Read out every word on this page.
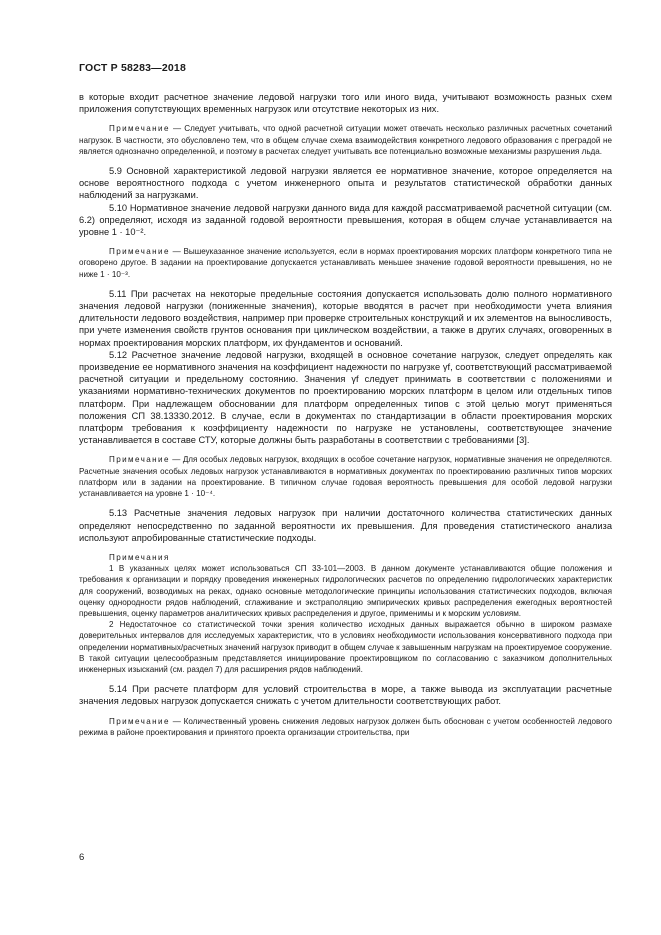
ГОСТ Р 58283—2018

в которые входит расчетное значение ледовой нагрузки того или иного вида, учитывают возможность разных схем приложения сопутствующих временных нагрузок или отсутствие некоторых из них.

Примечание — Следует учитывать, что одной расчетной ситуации может отвечать несколько различных расчетных сочетаний нагрузок. В частности, это обусловлено тем, что в общем случае схема взаимодействия конкретного ледового образования с преградой не является однозначно определенной, и поэтому в расчетах следует учитывать все потенциально возможные механизмы разрушения льда.

5.9 Основной характеристикой ледовой нагрузки является ее нормативное значение, которое определяется на основе вероятностного подхода с учетом инженерного опыта и результатов статистической обработки данных наблюдений за нагрузками.

5.10 Нормативное значение ледовой нагрузки данного вида для каждой рассматриваемой расчетной ситуации (см. 6.2) определяют, исходя из заданной годовой вероятности превышения, которая в общем случае устанавливается на уровне 1 · 10⁻².

Примечание — Вышеуказанное значение используется, если в нормах проектирования морских платформ конкретного типа не оговорено другое. В задании на проектирование допускается устанавливать меньшее значение годовой вероятности превышения, но не ниже 1 · 10⁻³.

5.11 При расчетах на некоторые предельные состояния допускается использовать долю полного нормативного значения ледовой нагрузки (пониженные значения), которые вводятся в расчет при необходимости учета влияния длительности ледового воздействия, например при проверке строительных конструкций и их элементов на выносливость, при учете изменения свойств грунтов основания при циклическом воздействии, а также в других случаях, оговоренных в нормах проектирования морских платформ, их фундаментов и оснований.

5.12 Расчетное значение ледовой нагрузки, входящей в основное сочетание нагрузок, следует определять как произведение ее нормативного значения на коэффициент надежности по нагрузке γf, соответствующий рассматриваемой расчетной ситуации и предельному состоянию. Значения γf следует принимать в соответствии с положениями и указаниями нормативно-технических документов по проектированию морских платформ в целом или отдельных типов платформ. При надлежащем обосновании для платформ определенных типов с этой целью могут применяться положения СП 38.13330.2012. В случае, если в документах по стандартизации в области проектирования морских платформ требования к коэффициенту надежности по нагрузке не установлены, соответствующее значение устанавливается в составе СТУ, которые должны быть разработаны в соответствии с требованиями [3].

Примечание — Для особых ледовых нагрузок, входящих в особое сочетание нагрузок, нормативные значения не определяются. Расчетные значения особых ледовых нагрузок устанавливаются в нормативных документах по проектированию различных типов морских платформ или в задании на проектирование. В типичном случае годовая вероятность превышения для особой ледовой нагрузки устанавливается на уровне 1 · 10⁻⁴.

5.13 Расчетные значения ледовых нагрузок при наличии достаточного количества статистических данных определяют непосредственно по заданной вероятности их превышения. Для проведения статистического анализа используют апробированные статистические подходы.

Примечания

1 В указанных целях может использоваться СП 33-101—2003. В данном документе устанавливаются общие положения и требования к организации и порядку проведения инженерных гидрологических расчетов по определению гидрологических характеристик для сооружений, возводимых на реках, однако основные методологические принципы использования статистических подходов, включая оценку однородности рядов наблюдений, сглаживание и экстраполяцию эмпирических кривых распределения ежегодных вероятностей превышения, оценку параметров аналитических кривых распределения и другое, применимы и к морским условиям.

2 Недостаточное со статистической точки зрения количество исходных данных выражается обычно в широком размахе доверительных интервалов для исследуемых характеристик, что в условиях необходимости использования консервативного подхода при определении нормативных/расчетных значений нагрузок приводит в общем случае к завышенным нагрузкам на проектируемое сооружение. В такой ситуации целесообразным представляется инициирование проектировщиком по согласованию с заказчиком дополнительных инженерных изысканий (см. раздел 7) для расширения рядов наблюдений.

5.14 При расчете платформ для условий строительства в море, а также вывода из эксплуатации расчетные значения ледовых нагрузок допускается снижать с учетом длительности соответствующих работ.

Примечание — Количественный уровень снижения ледовых нагрузок должен быть обоснован с учетом особенностей ледового режима в районе проектирования и принятого проекта организации строительства, при

6
